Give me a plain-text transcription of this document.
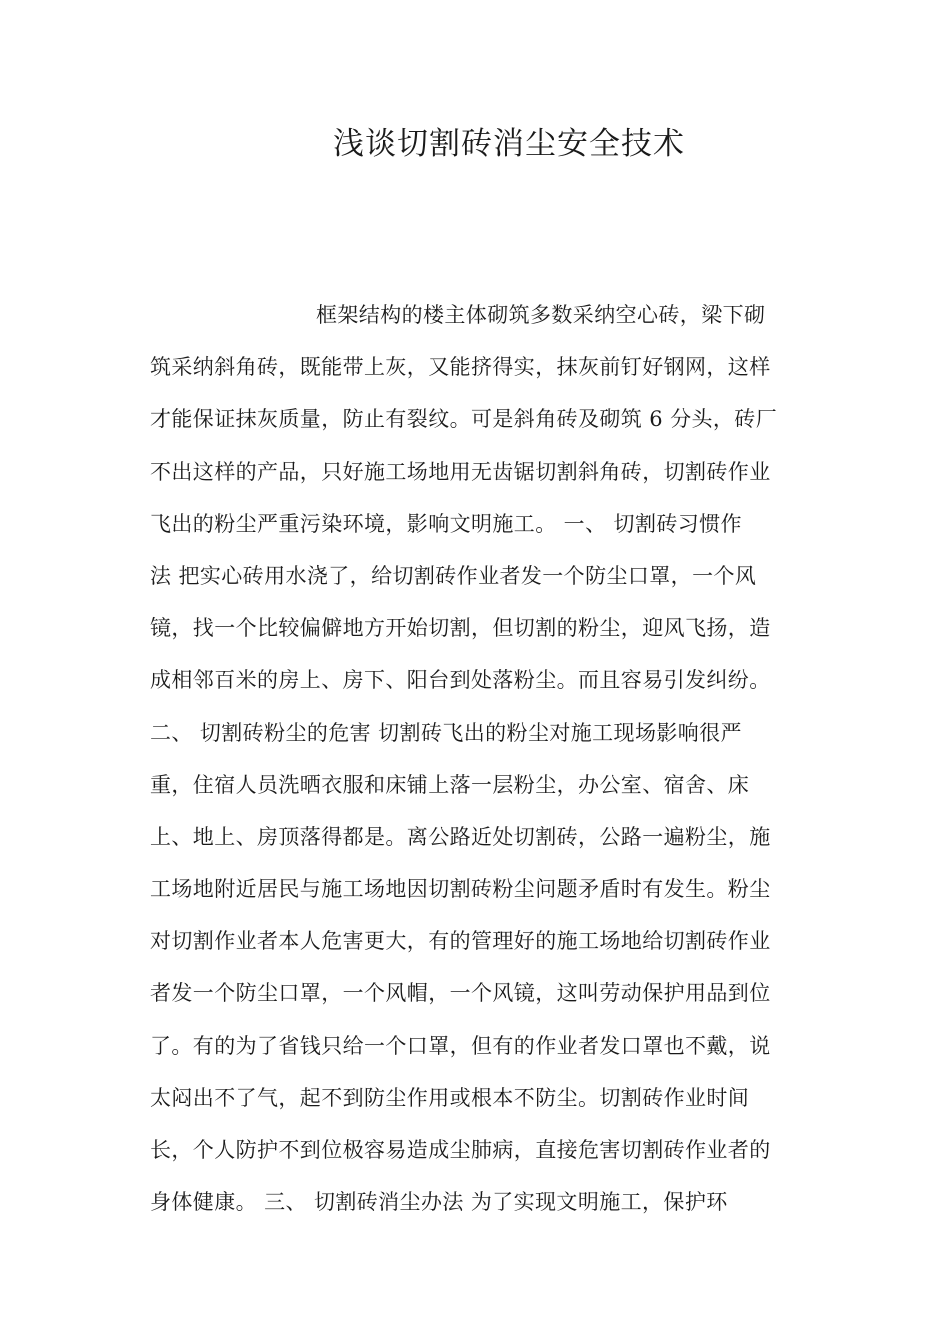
浅谈切割砖消尘安全技术
框架结构的楼主体砌筑多数采纳空心砖，梁下砌
筑采纳斜角砖，既能带上灰，又能挤得实，抹灰前钉好钢网，这样
才能保证抹灰质量，防止有裂纹。可是斜角砖及砌筑 6 分头，砖厂
不出这样的产品，只好施工场地用无齿锯切割斜角砖，切割砖作业
飞出的粉尘严重污染环境，影响文明施工。 一、 切割砖习惯作
法 把实心砖用水浇了，给切割砖作业者发一个防尘口罩，一个风
镜，找一个比较偏僻地方开始切割，但切割的粉尘，迎风飞扬，造
成相邻百米的房上、房下、阳台到处落粉尘。而且容易引发纠纷。
二、 切割砖粉尘的危害 切割砖飞出的粉尘对施工现场影响很严
重，住宿人员洗晒衣服和床铺上落一层粉尘，办公室、宿舍、床
上、地上、房顶落得都是。离公路近处切割砖，公路一遍粉尘，施
工场地附近居民与施工场地因切割砖粉尘问题矛盾时有发生。粉尘
对切割作业者本人危害更大，有的管理好的施工场地给切割砖作业
者发一个防尘口罩，一个风帽，一个风镜，这叫劳动保护用品到位
了。有的为了省钱只给一个口罩，但有的作业者发口罩也不戴，说
太闷出不了气，起不到防尘作用或根本不防尘。切割砖作业时间
长，个人防护不到位极容易造成尘肺病，直接危害切割砖作业者的
身体健康。 三、 切割砖消尘办法 为了实现文明施工，保护环
